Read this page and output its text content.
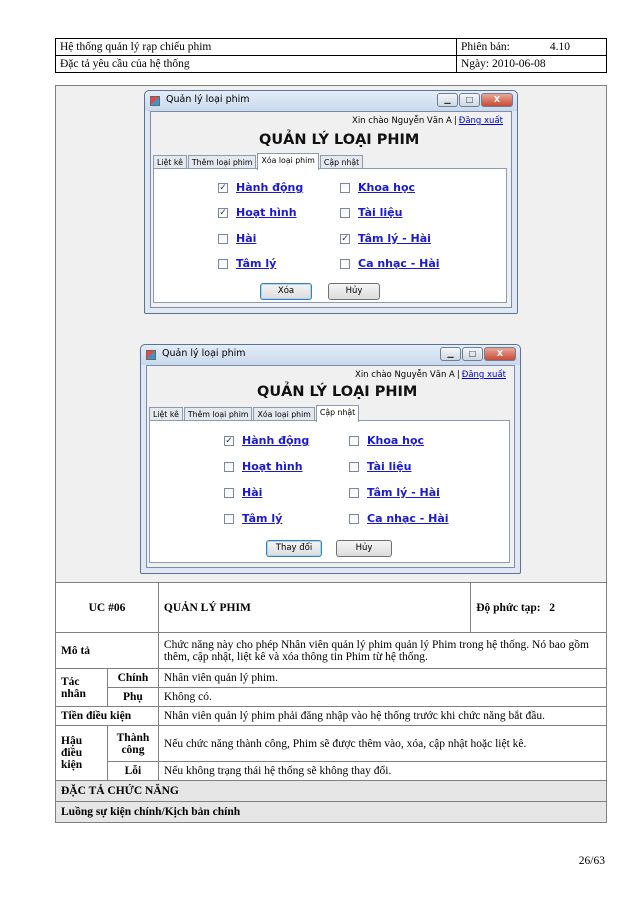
Hệ thống quản lý rạp chiếu phim	Phiên bản: 4.10
Đặc tả yêu cầu của hệ thống	Ngày: 2010-06-08
Quản lý loại phim	▁	□	X
Xin chào Nguyễn Văn A | Đăng xuất
QUẢN LÝ LOẠI PHIM
Liệt kê	Thêm loại phim	Xóa loại phim	Cập nhật
✓ Hành động	Khoa học
✓ Hoạt hình	Tài liệu
Hài	✓ Tâm lý - Hài
Tâm lý	Ca nhạc - Hài
Xóa	Hủy
Quản lý loại phim	▁	□	X
Xin chào Nguyễn Văn A | Đăng xuất
QUẢN LÝ LOẠI PHIM
Liệt kê	Thêm loại phim	Xóa loại phim	Cập nhật
✓ Hành động	Khoa học
Hoạt hình	Tài liệu
Hài	Tâm lý - Hài
Tâm lý	Ca nhạc - Hài
Thay đổi	Hủy
UC #06		QUẢN LÝ PHIM	Độ phức tạp: 2
Mô tả		Chức năng này cho phép Nhân viên quản lý phim quản lý Phim trong hệ thống. Nó bao gồm thêm, cập nhật, liệt kê và xóa thông tin Phim từ hệ thống.	
Tác nhân	Chính	Nhân viên quản lý phim.	
	Phụ	Không có.	
Tiền điều kiện		Nhân viên quản lý phim phải đăng nhập vào hệ thống trước khi chức năng bắt đầu.	
Hậu điều kiện	Thành công	Nếu chức năng thành công, Phim sẽ được thêm vào, xóa, cập nhật hoặc liệt kê.	
	Lỗi	Nếu không trạng thái hệ thống sẽ không thay đổi.	
ĐẶC TẢ CHỨC NĂNG			
Luồng sự kiện chính/Kịch bản chính			
26/63
